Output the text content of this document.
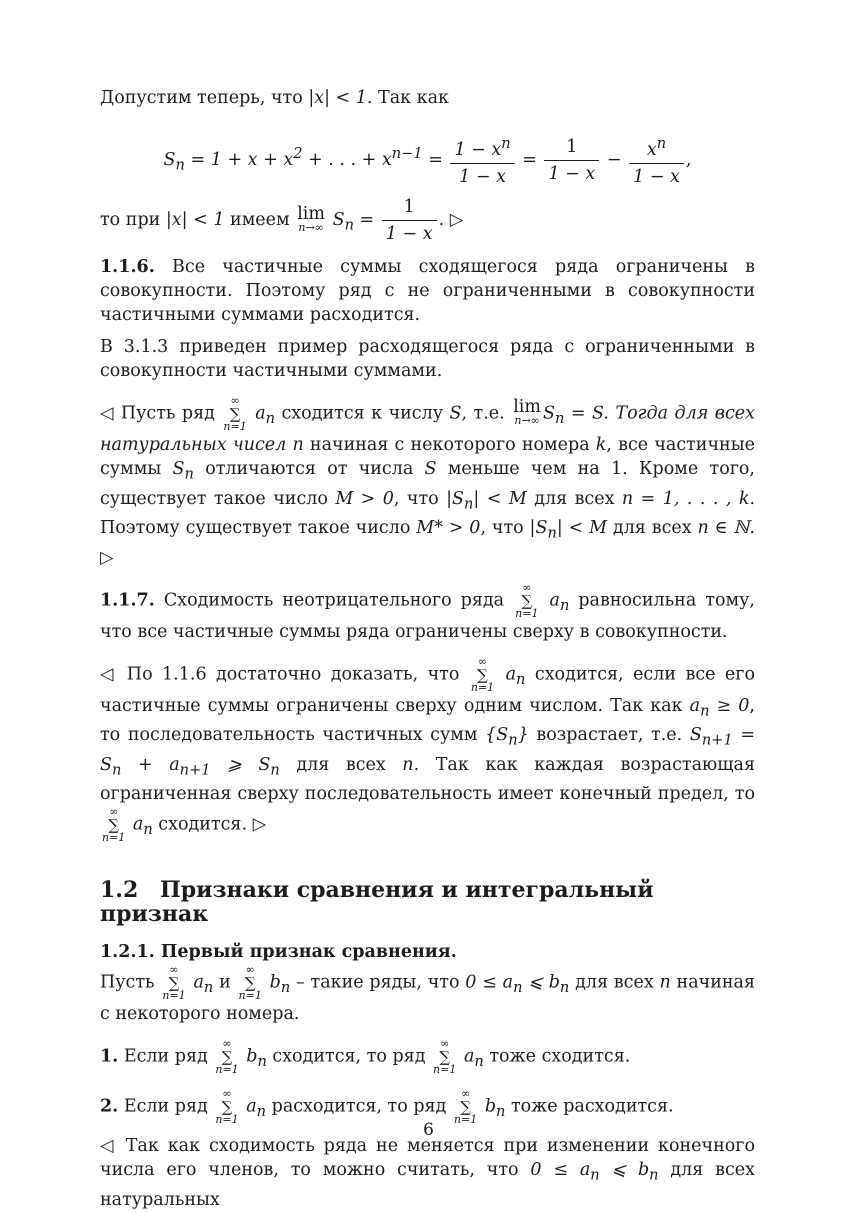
Допустим теперь, что |x| < 1. Так как

$S_n = 1 + x + x^2$ + . . . + $x^{n-1} = \frac{1 - x^n}{1 - x} = \frac{1}{1 - x} - \frac{x^n}{1 - x}$ ,

то при |x| < 1 имеем lim
n→∞ $S_n = \frac{1}{1 - x}$ . ▷

1.1.6. Все частичные суммы сходящегося ряда ограничены в совокупности. Поэтому ряд с не ограниченными в совокупности частичными суммами расходится.

В 3.1.3 приведен пример расходящегося ряда с ограниченными в совокупности частичными суммами.

◁ Пусть ряд
∞
∑
n=1
$a_n$ сходится к числу S, т.е. lim
n→∞ $S_n = S$. Тогда для всех натуральных чисел n начиная с некоторого номера k, все частичные суммы $S_n$ отличаются от числа S меньше чем на 1. Кроме того, существует такое число M > 0, что $|S_n| < M$ для всех n = 1, . . . , k. Поэтому существует такое число M* > 0, что $|S_n| < M$ для всех n ∈ ℕ. ▷

1.1.7. Сходимость неотрицательного ряда
∞
∑
n=1
$a_n$ равносильна тому, что все частичные суммы ряда ограничены сверху в совокупности.

◁ По 1.1.6 достаточно доказать, что
∞
∑
n=1
$a_n$ сходится, если все его частичные суммы ограничены сверху одним числом. Так как $a_n \ge 0$, то последовательность частичных сумм $\{S_n\}$ возрастает, т.е. $S_{n+1} = S_n + a_{n+1}$ ⩾ $S_n$ для всех n. Так как каждая возрастающая ограниченная сверху последовательность имеет конечный предел, то
∞
∑
n=1
$a_n$ сходится. ▷

1.2 Признаки сравнения и интегральный признак

1.2.1. Первый признак сравнения.
Пусть
∞
∑
n=1
$a_n$ и
∞
∑
n=1
$b_n$ – такие ряды, что $0 \le a_n$ ⩽ $b_n$ для всех n начиная с некоторого номера.

1. Если ряд
∞
∑
n=1
$b_n$ сходится, то ряд
∞
∑
n=1
$a_n$ тоже сходится.

2. Если ряд
∞
∑
n=1
$a_n$ расходится, то ряд
∞
∑
n=1
$b_n$ тоже расходится.

◁ Так как сходимость ряда не меняется при изменении конечного числа его членов, то можно считать, что $0 \le a_n$ ⩽ $b_n$ для всех натуральных

6
